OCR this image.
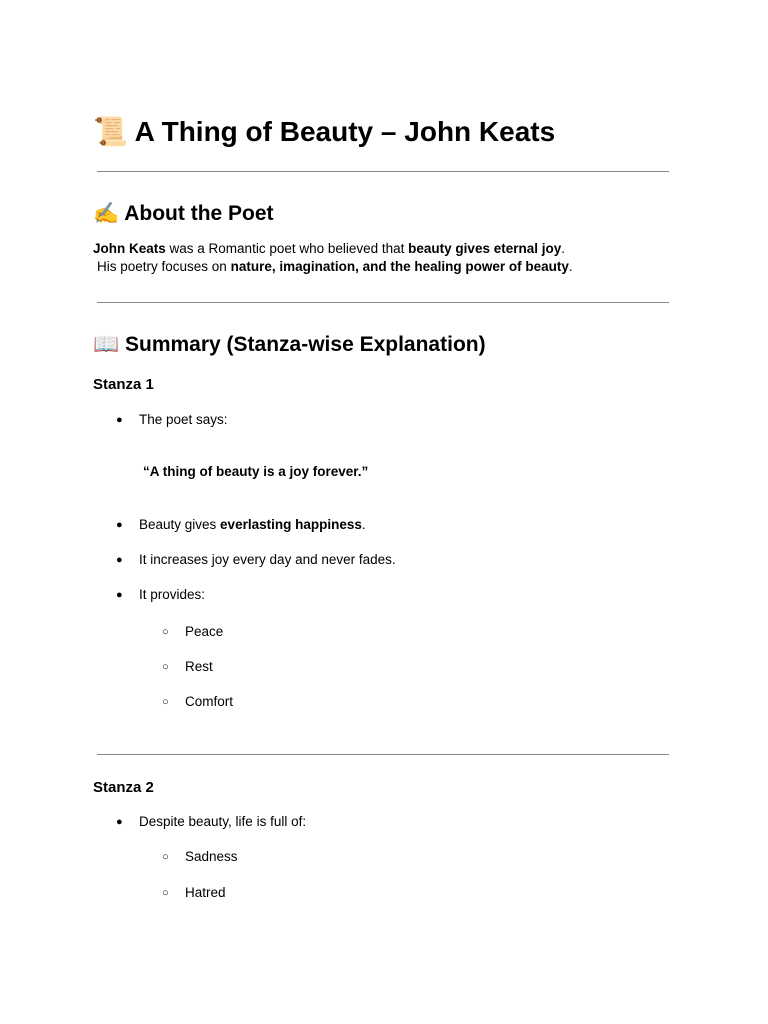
📜 A Thing of Beauty – John Keats
✍️ About the Poet
John Keats was a Romantic poet who believed that beauty gives eternal joy.
His poetry focuses on nature, imagination, and the healing power of beauty.
📖 Summary (Stanza-wise Explanation)
Stanza 1
● The poet says:
“A thing of beauty is a joy forever.”
● Beauty gives everlasting happiness.
● It increases joy every day and never fades.
● It provides:
○ Peace
○ Rest
○ Comfort
Stanza 2
● Despite beauty, life is full of:
○ Sadness
○ Hatred
